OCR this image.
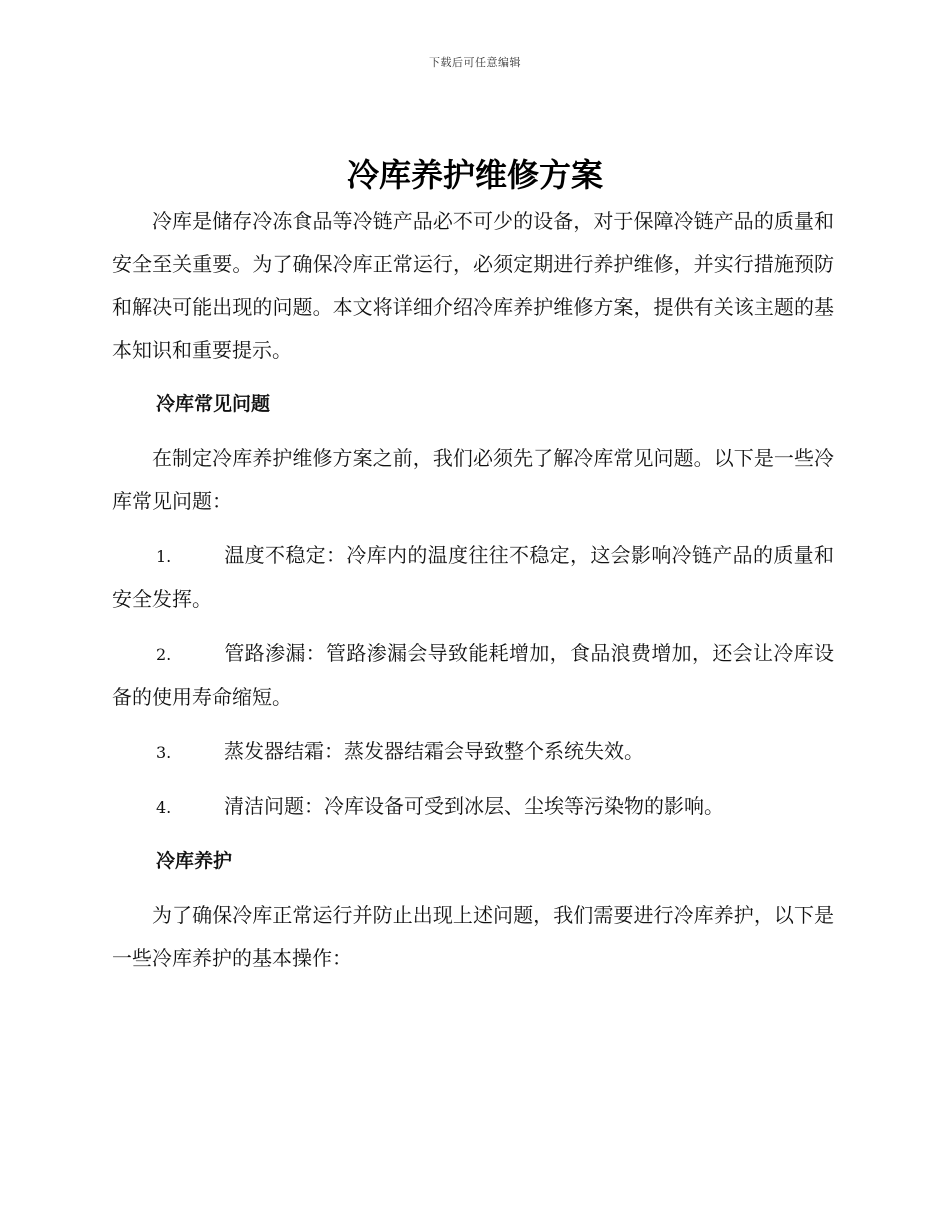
下载后可任意编辑
冷库养护维修方案

冷库是储存冷冻食品等冷链产品必不可少的设备，对于保障冷链产品的质量和安全至关重要。为了确保冷库正常运行，必须定期进行养护维修，并实行措施预防和解决可能出现的问题。本文将详细介绍冷库养护维修方案，提供有关该主题的基本知识和重要提示。

冷库常见问题

在制定冷库养护维修方案之前，我们必须先了解冷库常见问题。以下是一些冷库常见问题：

1.	温度不稳定：冷库内的温度往往不稳定，这会影响冷链产品的质量和安全发挥。

2.	管路渗漏：管路渗漏会导致能耗增加，食品浪费增加，还会让冷库设备的使用寿命缩短。

3.	蒸发器结霜：蒸发器结霜会导致整个系统失效。

4.	清洁问题：冷库设备可受到冰层、尘埃等污染物的影响。

冷库养护

为了确保冷库正常运行并防止出现上述问题，我们需要进行冷库养护，以下是一些冷库养护的基本操作：
